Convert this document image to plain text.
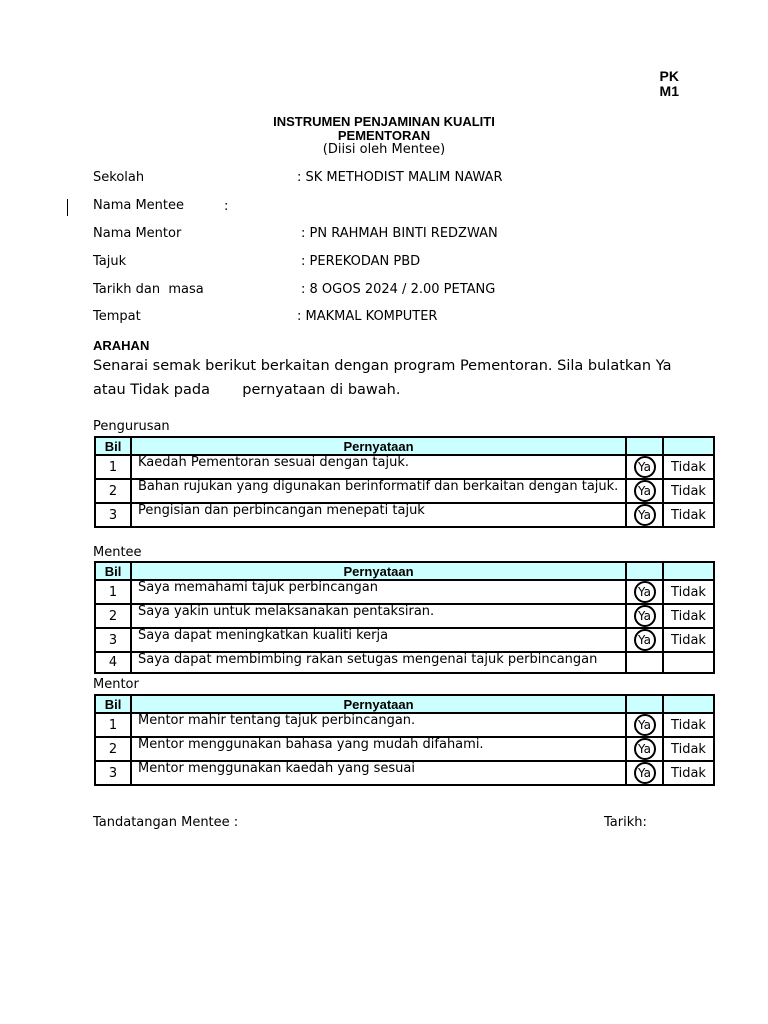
PK
M1
INSTRUMEN PENJAMINAN KUALITI
PEMENTORAN
(Diisi oleh Mentee)
Sekolah	: SK METHODIST MALIM NAWAR
Nama Mentee	:
Nama Mentor	: PN RAHMAH BINTI REDZWAN
Tajuk	: PEREKODAN PBD
Tarikh dan  masa	: 8 OGOS 2024 / 2.00 PETANG
Tempat	: MAKMAL KOMPUTER
ARAHAN
Senarai semak berikut berkaitan dengan program Pementoran. Sila bulatkan Ya
atau Tidak pada       pernyataan di bawah.
Pengurusan
Bil	Pernyataan		
1	Kaedah Pementoran sesuai dengan tajuk.	Ya	Tidak
2	Bahan rujukan yang digunakan berinformatif dan berkaitan dengan tajuk.	Ya	Tidak
3	Pengisian dan perbincangan menepati tajuk	Ya	Tidak
Mentee
Bil	Pernyataan		
1	Saya memahami tajuk perbincangan	Ya	Tidak
2	Saya yakin untuk melaksanakan pentaksiran.	Ya	Tidak
3	Saya dapat meningkatkan kualiti kerja	Ya	Tidak
4	Saya dapat membimbing rakan setugas mengenai tajuk perbincangan		
Mentor
Bil	Pernyataan		
1	Mentor mahir tentang tajuk perbincangan.	Ya	Tidak
2	Mentor menggunakan bahasa yang mudah difahami.	Ya	Tidak
3	Mentor menggunakan kaedah yang sesuai	Ya	Tidak
Tandatangan Mentee :	Tarikh:
